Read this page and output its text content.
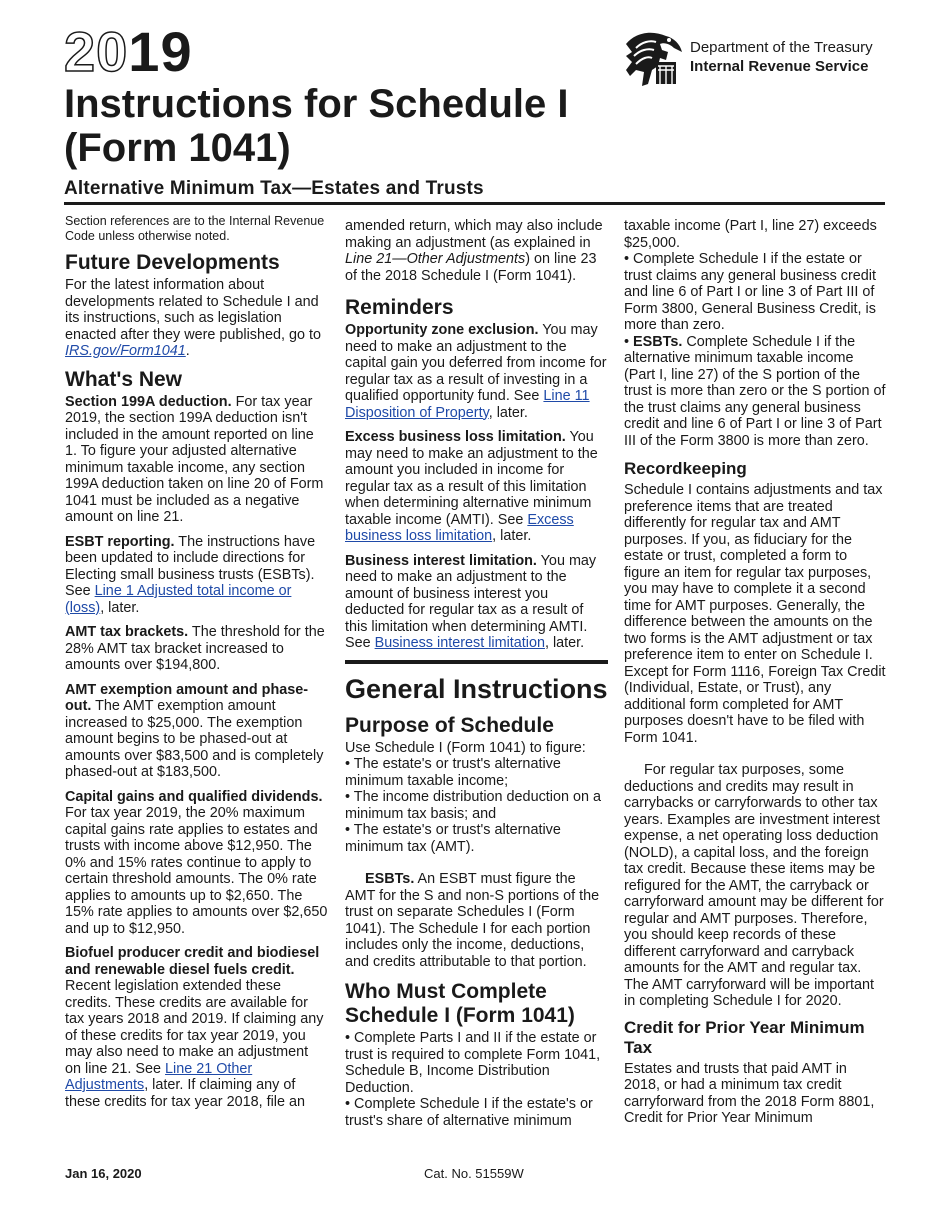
2019
Instructions for Schedule I
(Form 1041)
Alternative Minimum Tax—Estates and Trusts
Department of the Treasury
Internal Revenue Service

Section references are to the Internal Revenue Code unless otherwise noted.

Future Developments

For the latest information about developments related to Schedule I and its instructions, such as legislation enacted after they were published, go to IRS.gov/Form1041.

What's New

Section 199A deduction. For tax year 2019, the section 199A deduction isn't included in the amount reported on line 1. To figure your adjusted alternative minimum taxable income, any section 199A deduction taken on line 20 of Form 1041 must be included as a negative amount on line 21.

ESBT reporting. The instructions have been updated to include directions for Electing small business trusts (ESBTs). See Line 1 Adjusted total income or (loss), later.

AMT tax brackets. The threshold for the 28% AMT tax bracket increased to amounts over $194,800.

AMT exemption amount and phase-out. The AMT exemption amount increased to $25,000. The exemption amount begins to be phased-out at amounts over $83,500 and is completely phased-out at $183,500.

Capital gains and qualified dividends. For tax year 2019, the 20% maximum capital gains rate applies to estates and trusts with income above $12,950. The 0% and 15% rates continue to apply to certain threshold amounts. The 0% rate applies to amounts up to $2,650. The 15% rate applies to amounts over $2,650 and up to $12,950.

Biofuel producer credit and biodiesel and renewable diesel fuels credit. Recent legislation extended these credits. These credits are available for tax years 2018 and 2019. If claiming any of these credits for tax year 2019, you may also need to make an adjustment on line 21. See Line 21 Other Adjustments, later. If claiming any of these credits for tax year 2018, file an

amended return, which may also include making an adjustment (as explained in Line 21—Other Adjustments) on line 23 of the 2018 Schedule I (Form 1041).

Reminders

Opportunity zone exclusion. You may need to make an adjustment to the capital gain you deferred from income for regular tax as a result of investing in a qualified opportunity fund. See Line 11 Disposition of Property, later.

Excess business loss limitation. You may need to make an adjustment to the amount you included in income for regular tax as a result of this limitation when determining alternative minimum taxable income (AMTI). See Excess business loss limitation, later.

Business interest limitation. You may need to make an adjustment to the amount of business interest you deducted for regular tax as a result of this limitation when determining AMTI. See Business interest limitation, later.

General Instructions
Purpose of Schedule

Use Schedule I (Form 1041) to figure:

• The estate's or trust's alternative minimum taxable income;

• The income distribution deduction on a minimum tax basis; and

• The estate's or trust's alternative minimum tax (AMT).

ESBTs. An ESBT must figure the AMT for the S and non-S portions of the trust on separate Schedules I (Form 1041). The Schedule I for each portion includes only the income, deductions, and credits attributable to that portion.

Who Must Complete Schedule I (Form 1041)

• Complete Parts I and II if the estate or trust is required to complete Form 1041, Schedule B, Income Distribution Deduction.

• Complete Schedule I if the estate's or trust's share of alternative minimum

taxable income (Part I, line 27) exceeds $25,000.

• Complete Schedule I if the estate or trust claims any general business credit and line 6 of Part I or line 3 of Part III of Form 3800, General Business Credit, is more than zero.

• ESBTs. Complete Schedule I if the alternative minimum taxable income (Part I, line 27) of the S portion of the trust is more than zero or the S portion of the trust claims any general business credit and line 6 of Part I or line 3 of Part III of the Form 3800 is more than zero.

Recordkeeping

Schedule I contains adjustments and tax preference items that are treated differently for regular tax and AMT purposes. If you, as fiduciary for the estate or trust, completed a form to figure an item for regular tax purposes, you may have to complete it a second time for AMT purposes. Generally, the difference between the amounts on the two forms is the AMT adjustment or tax preference item to enter on Schedule I. Except for Form 1116, Foreign Tax Credit (Individual, Estate, or Trust), any additional form completed for AMT purposes doesn't have to be filed with Form 1041.

For regular tax purposes, some deductions and credits may result in carrybacks or carryforwards to other tax years. Examples are investment interest expense, a net operating loss deduction (NOLD), a capital loss, and the foreign tax credit. Because these items may be refigured for the AMT, the carryback or carryforward amount may be different for regular and AMT purposes. Therefore, you should keep records of these different carryforward and carryback amounts for the AMT and regular tax. The AMT carryforward will be important in completing Schedule I for 2020.

Credit for Prior Year Minimum Tax

Estates and trusts that paid AMT in 2018, or had a minimum tax credit carryforward from the 2018 Form 8801, Credit for Prior Year Minimum

Jan 16, 2020	Cat. No. 51559W
